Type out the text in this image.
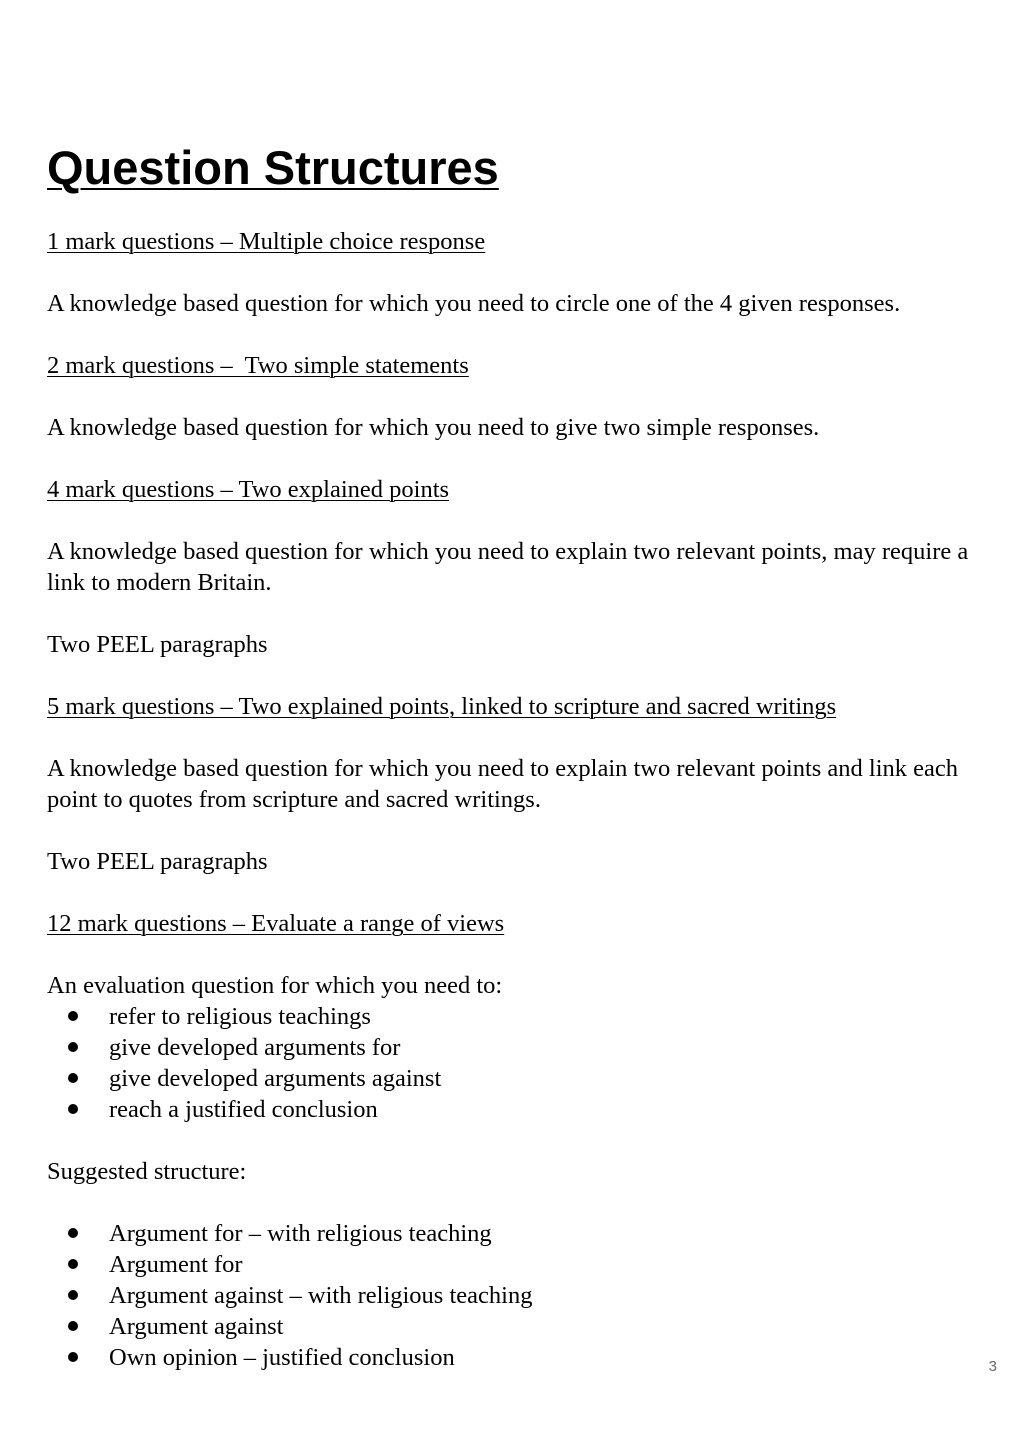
Question Structures

1 mark questions – Multiple choice response

A knowledge based question for which you need to circle one of the 4 given responses.

2 mark questions –  Two simple statements

A knowledge based question for which you need to give two simple responses.

4 mark questions – Two explained points

A knowledge based question for which you need to explain two relevant points, may require a link to modern Britain.

Two PEEL paragraphs

5 mark questions – Two explained points, linked to scripture and sacred writings

A knowledge based question for which you need to explain two relevant points and link each point to quotes from scripture and sacred writings.

Two PEEL paragraphs

12 mark questions – Evaluate a range of views

An evaluation question for which you need to:

refer to religious teachings
give developed arguments for
give developed arguments against
reach a justified conclusion

Suggested structure:

Argument for – with religious teaching
Argument for
Argument against – with religious teaching
Argument against
Own opinion – justified conclusion	3
